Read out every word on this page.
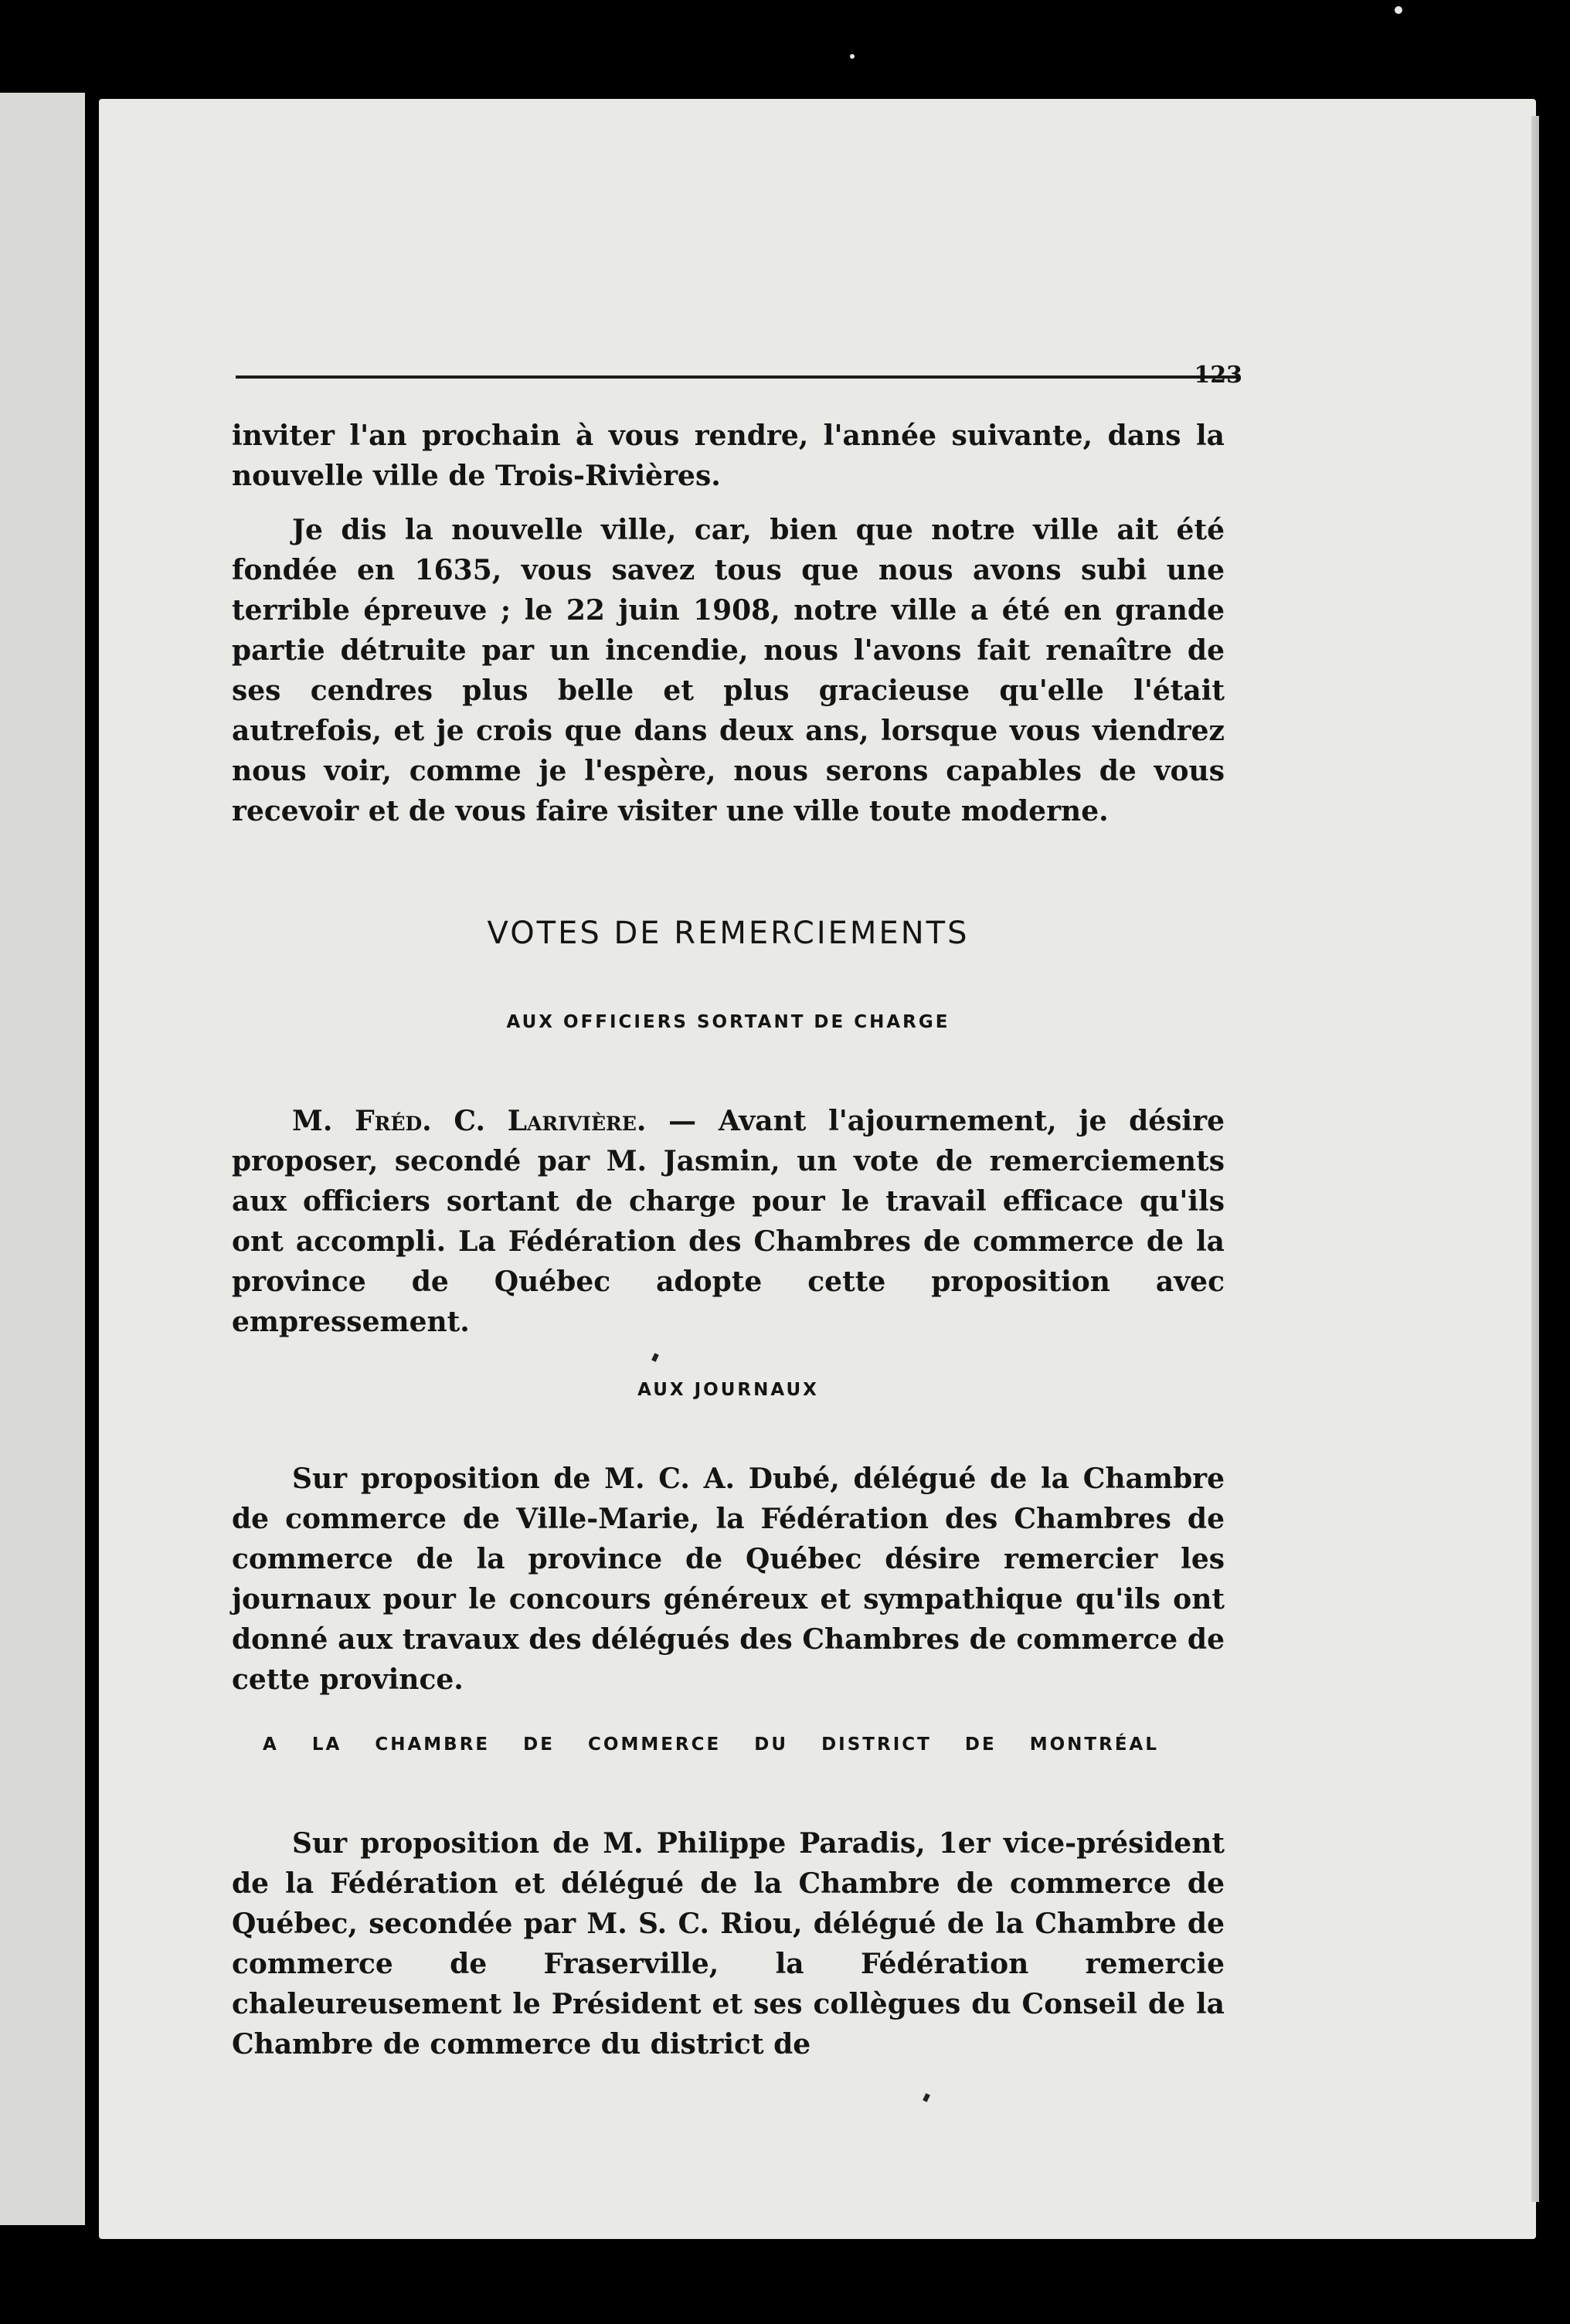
123

inviter l'an prochain à vous rendre, l'année suivante, dans la nouvelle ville de Trois-Rivières.

Je dis la nouvelle ville, car, bien que notre ville ait été fondée en 1635, vous savez tous que nous avons subi une terrible épreuve ; le 22 juin 1908, notre ville a été en grande partie détruite par un incendie, nous l'avons fait renaître de ses cendres plus belle et plus gracieuse qu'elle l'était autrefois, et je crois que dans deux ans, lorsque vous viendrez nous voir, comme je l'espère, nous serons capables de vous recevoir et de vous faire visiter une ville toute moderne.

VOTES DE REMERCIEMENTS
AUX OFFICIERS SORTANT DE CHARGE

M. Fréd. C. Larivière. — Avant l'ajournement, je désire proposer, secondé par M. Jasmin, un vote de remerciements aux officiers sortant de charge pour le travail efficace qu'ils ont accompli. La Fédération des Chambres de commerce de la province de Québec adopte cette proposition avec empressement.

AUX JOURNAUX

Sur proposition de M. C. A. Dubé, délégué de la Chambre de commerce de Ville-Marie, la Fédération des Chambres de commerce de la province de Québec désire remercier les journaux pour le concours généreux et sympathique qu'ils ont donné aux travaux des délégués des Chambres de commerce de cette province.

A LA CHAMBRE DE COMMERCE DU DISTRICT DE MONTRÉAL

Sur proposition de M. Philippe Paradis, 1er vice-président de la Fédération et délégué de la Chambre de commerce de Québec, secondée par M. S. C. Riou, délégué de la Chambre de commerce de Fraserville, la Fédération remercie chaleureusement le Président et ses collègues du Conseil de la Chambre de commerce du district de
